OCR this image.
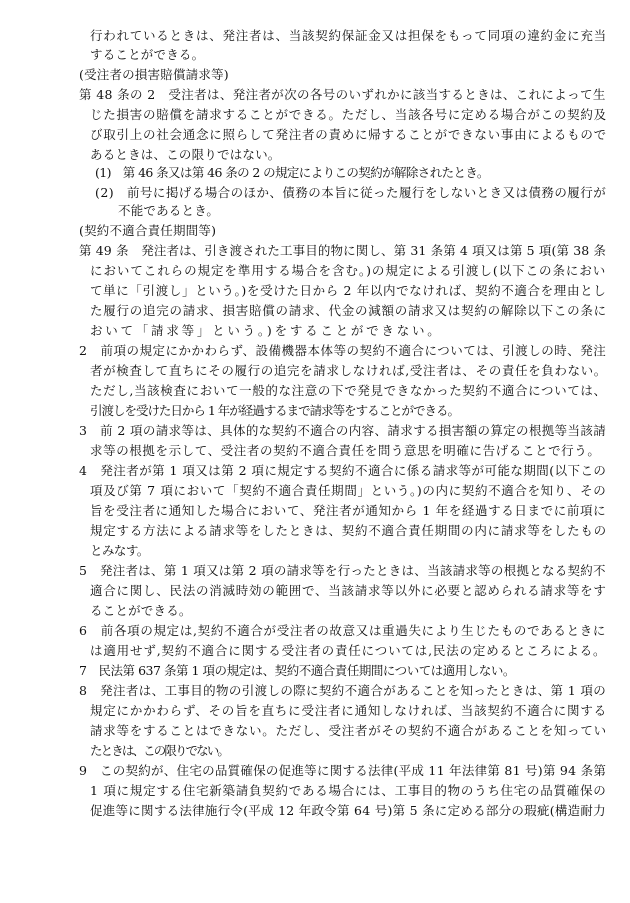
行われているときは、発注者は、当該契約保証金又は担保をもって同項の違約金に充当
することができる。
(受注者の損害賠償請求等)
第 48 条の 2　受注者は、発注者が次の各号のいずれかに該当するときは、これによって生
じた損害の賠償を請求することができる。ただし、当該各号に定める場合がこの契約及
び取引上の社会通念に照らして発注者の責めに帰することができない事由によるもので
あるときは、この限りではない。
(1)　第 46 条又は第 46 条の 2 の規定によりこの契約が解除されたとき。
(2)　前号に掲げる場合のほか、債務の本旨に従った履行をしないとき又は債務の履行が
不能であるとき。
(契約不適合責任期間等)
第 49 条　発注者は、引き渡された工事目的物に関し、第 31 条第 4 項又は第 5 項(第 38 条
においてこれらの規定を準用する場合を含む。)の規定による引渡し(以下この条におい
て単に「引渡し」という。)を受けた日から 2 年以内でなければ、契約不適合を理由とし
た履行の追完の請求、損害賠償の請求、代金の減額の請求又は契約の解除以下この条に
おいて「請求等」という。)をすることができない。
2　前項の規定にかかわらず、設備機器本体等の契約不適合については、引渡しの時、発注
者が検査して直ちにその履行の追完を請求しなければ,受注者は、その責任を負わない。
ただし,当該検査において一般的な注意の下で発見できなかった契約不適合については、
引渡しを受けた日から 1 年が経過するまで請求等をすることができる。
3　前 2 項の請求等は、具体的な契約不適合の内容、請求する損害額の算定の根拠等当該請
求等の根拠を示して、受注者の契約不適合責任を問う意思を明確に告げることで行う。
4　発注者が第 1 項又は第 2 項に規定する契約不適合に係る請求等が可能な期間(以下この
項及び第 7 項において「契約不適合責任期間」という。)の内に契約不適合を知り、その
旨を受注者に通知した場合において、発注者が通知から 1 年を経過する日までに前項に
規定する方法による請求等をしたときは、契約不適合責任期間の内に請求等をしたもの
とみなす。
5　発注者は、第 1 項又は第 2 項の請求等を行ったときは、当該請求等の根拠となる契約不
適合に関し、民法の消滅時効の範囲で、当該請求等以外に必要と認められる請求等をす
ることができる。
6　前各項の規定は,契約不適合が受注者の故意又は重過失により生じたものであるときに
は適用せず,契約不適合に関する受注者の責任については,民法の定めるところによる。
7　民法第 637 条第 1 項の規定は、契約不適合責任期間については適用しない。
8　発注者は、工事目的物の引渡しの際に契約不適合があることを知ったときは、第 1 項の
規定にかかわらず、その旨を直ちに受注者に通知しなければ、当該契約不適合に関する
請求等をすることはできない。ただし、受注者がその契約不適合があることを知ってい
たときは、この限りでない。
9　この契約が、住宅の品質確保の促進等に関する法律(平成 11 年法律第 81 号)第 94 条第
1 項に規定する住宅新築請負契約である場合には、工事目的物のうち住宅の品質確保の
促進等に関する法律施行令(平成 12 年政令第 64 号)第 5 条に定める部分の瑕疵(構造耐力
